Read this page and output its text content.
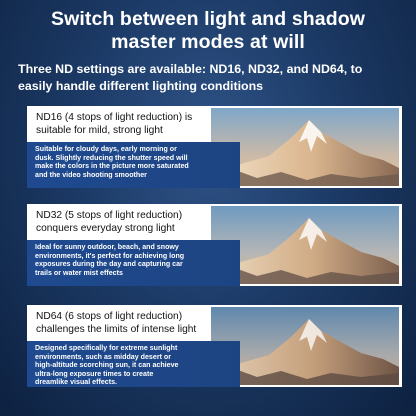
Switch between light and shadow
master modes at will
Three ND settings are available: ND16, ND32, and ND64, to
easily handle different lighting conditions
ND16 (4 stops of light reduction) is
suitable for mild, strong light
Suitable for cloudy days, early morning or
dusk. Slightly reducing the shutter speed will
make the colors in the picture more saturated
and the video shooting smoother
ND32 (5 stops of light reduction)
conquers everyday strong light
Ideal for sunny outdoor, beach, and snowy
environments, it's perfect for achieving long
exposures during the day and capturing car
trails or water mist effects
ND64 (6 stops of light reduction)
challenges the limits of intense light
Designed specifically for extreme sunlight
environments, such as midday desert or
high-altitude scorching sun, it can achieve
ultra-long exposure times to create
dreamlike visual effects.
